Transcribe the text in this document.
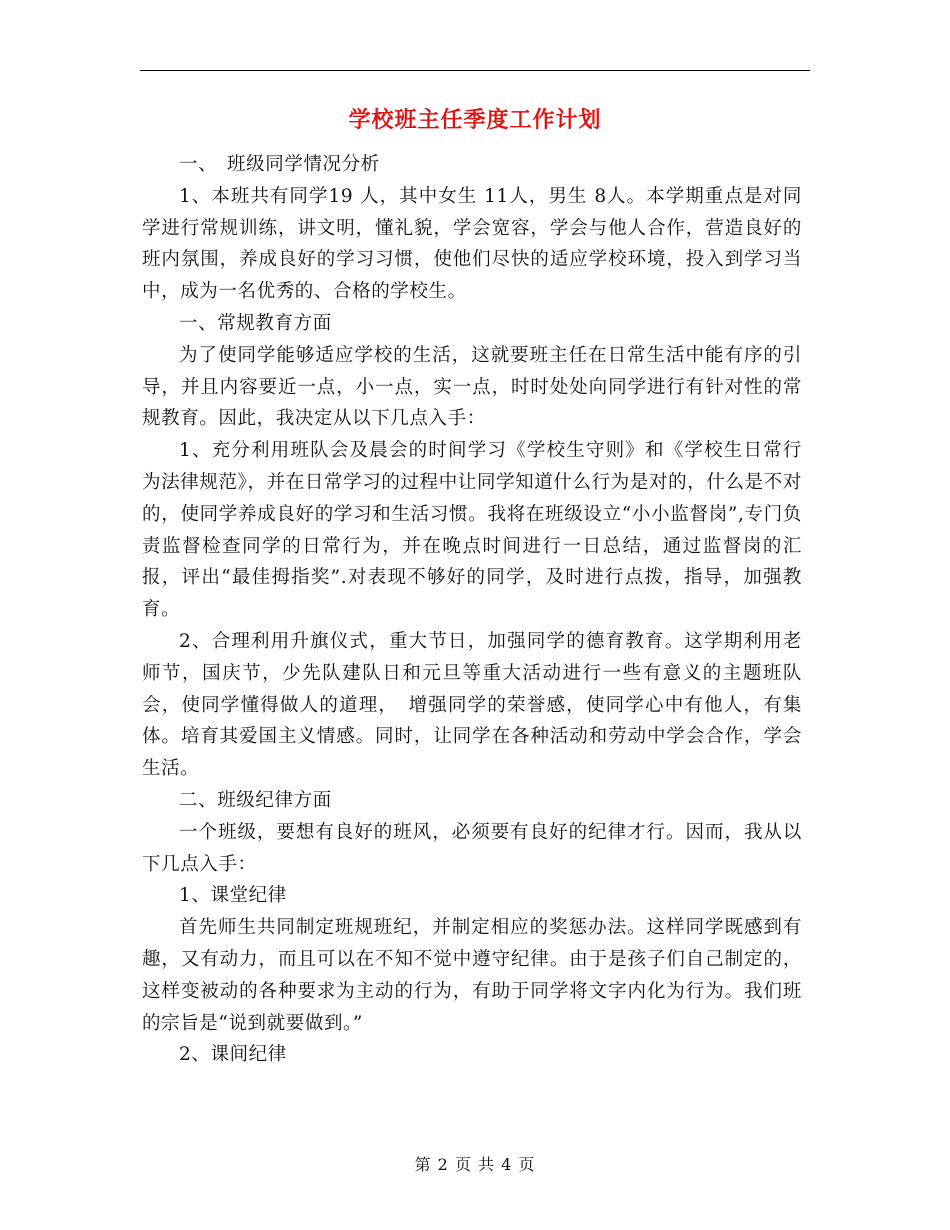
学校班主任季度工作计划

一、　班级同学情况分析

1、本班共有同学19 人，其中女生 11人，男生 8人。本学期重点是对同学进行常规训练，讲文明，懂礼貌，学会宽容，学会与他人合作，营造良好的班内氛围，养成良好的学习习惯，使他们尽快的适应学校环境，投入到学习当中，成为一名优秀的、合格的学校生。

一、常规教育方面

为了使同学能够适应学校的生活，这就要班主任在日常生活中能有序的引导，并且内容要近一点，小一点，实一点，时时处处向同学进行有针对性的常规教育。因此，我决定从以下几点入手：

1、充分利用班队会及晨会的时间学习《学校生守则》和《学校生日常行为法律规范》，并在日常学习的过程中让同学知道什么行为是对的，什么是不对的，使同学养成良好的学习和生活习惯。我将在班级设立“小小监督岗”,专门负责监督检查同学的日常行为，并在晚点时间进行一日总结，通过监督岗的汇报，评出“最佳拇指奖”.对表现不够好的同学，及时进行点拨，指导，加强教育。

2、合理利用升旗仪式，重大节日，加强同学的德育教育。这学期利用老师节，国庆节，少先队建队日和元旦等重大活动进行一些有意义的主题班队会，使同学懂得做人的道理，　增强同学的荣誉感，使同学心中有他人，有集体。培育其爱国主义情感。同时，让同学在各种活动和劳动中学会合作，学会生活。

二、班级纪律方面

一个班级，要想有良好的班风，必须要有良好的纪律才行。因而，我从以下几点入手：

1、课堂纪律

首先师生共同制定班规班纪，并制定相应的奖惩办法。这样同学既感到有趣，又有动力，而且可以在不知不觉中遵守纪律。由于是孩子们自己制定的，这样变被动的各种要求为主动的行为，有助于同学将文字内化为行为。我们班的宗旨是“说到就要做到。”

2、课间纪律

第 2 页 共 4 页
